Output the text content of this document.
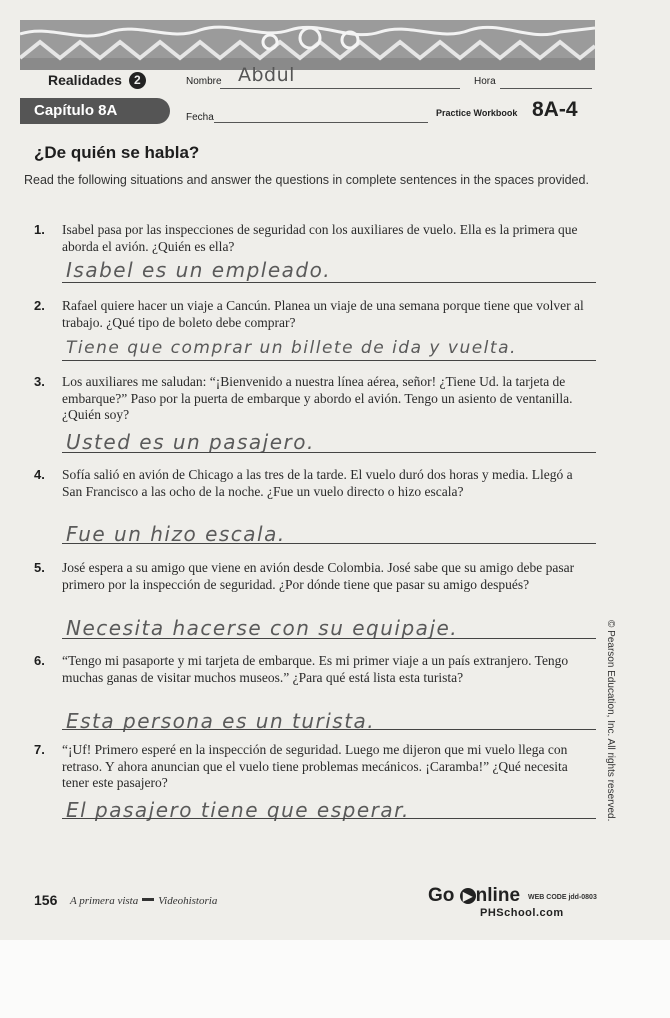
Realidades 2
Capítulo 8A
Nombre Abdul	Hora
Fecha	Practice Workbook 8A-4
¿De quién se habla?
Read the following situations and answer the questions in complete sentences in the spaces provided.
1. Isabel pasa por las inspecciones de seguridad con los auxiliares de vuelo. Ella es la primera que aborda el avión. ¿Quién es ella?
Isabel es un empleado.
2. Rafael quiere hacer un viaje a Cancún. Planea un viaje de una semana porque tiene que volver al trabajo. ¿Qué tipo de boleto debe comprar?
Tiene que comprar un billete de ida y vuelta.
3. Los auxiliares me saludan: “¡Bienvenido a nuestra línea aérea, señor! ¿Tiene Ud. la tarjeta de embarque?” Paso por la puerta de embarque y abordo el avión. Tengo un asiento de ventanilla. ¿Quién soy?
Usted es un pasajero.
4. Sofía salió en avión de Chicago a las tres de la tarde. El vuelo duró dos horas y media. Llegó a San Francisco a las ocho de la noche. ¿Fue un vuelo directo o hizo escala?
Fue un hizo escala.
5. José espera a su amigo que viene en avión desde Colombia. José sabe que su amigo debe pasar primero por la inspección de seguridad. ¿Por dónde tiene que pasar su amigo después?
Necesita hacerse con su equipaje.
6. “Tengo mi pasaporte y mi tarjeta de embarque. Es mi primer viaje a un país extranjero. Tengo muchas ganas de visitar muchos museos.” ¿Para qué está lista esta turista?
Esta persona es un turista.
7. “¡Uf! Primero esperé en la inspección de seguridad. Luego me dijeron que mi vuelo llega con retraso. Y ahora anuncian que el vuelo tiene problemas mecánicos. ¡Caramba!” ¿Qué necesita tener este pasajero?
El pasajero tiene que esperar.	© Pearson Education, Inc. All rights reserved.
156 A primera vista Videohistoria	Go ▶ nline WEB CODE jdd-0803
PHSchool.com
